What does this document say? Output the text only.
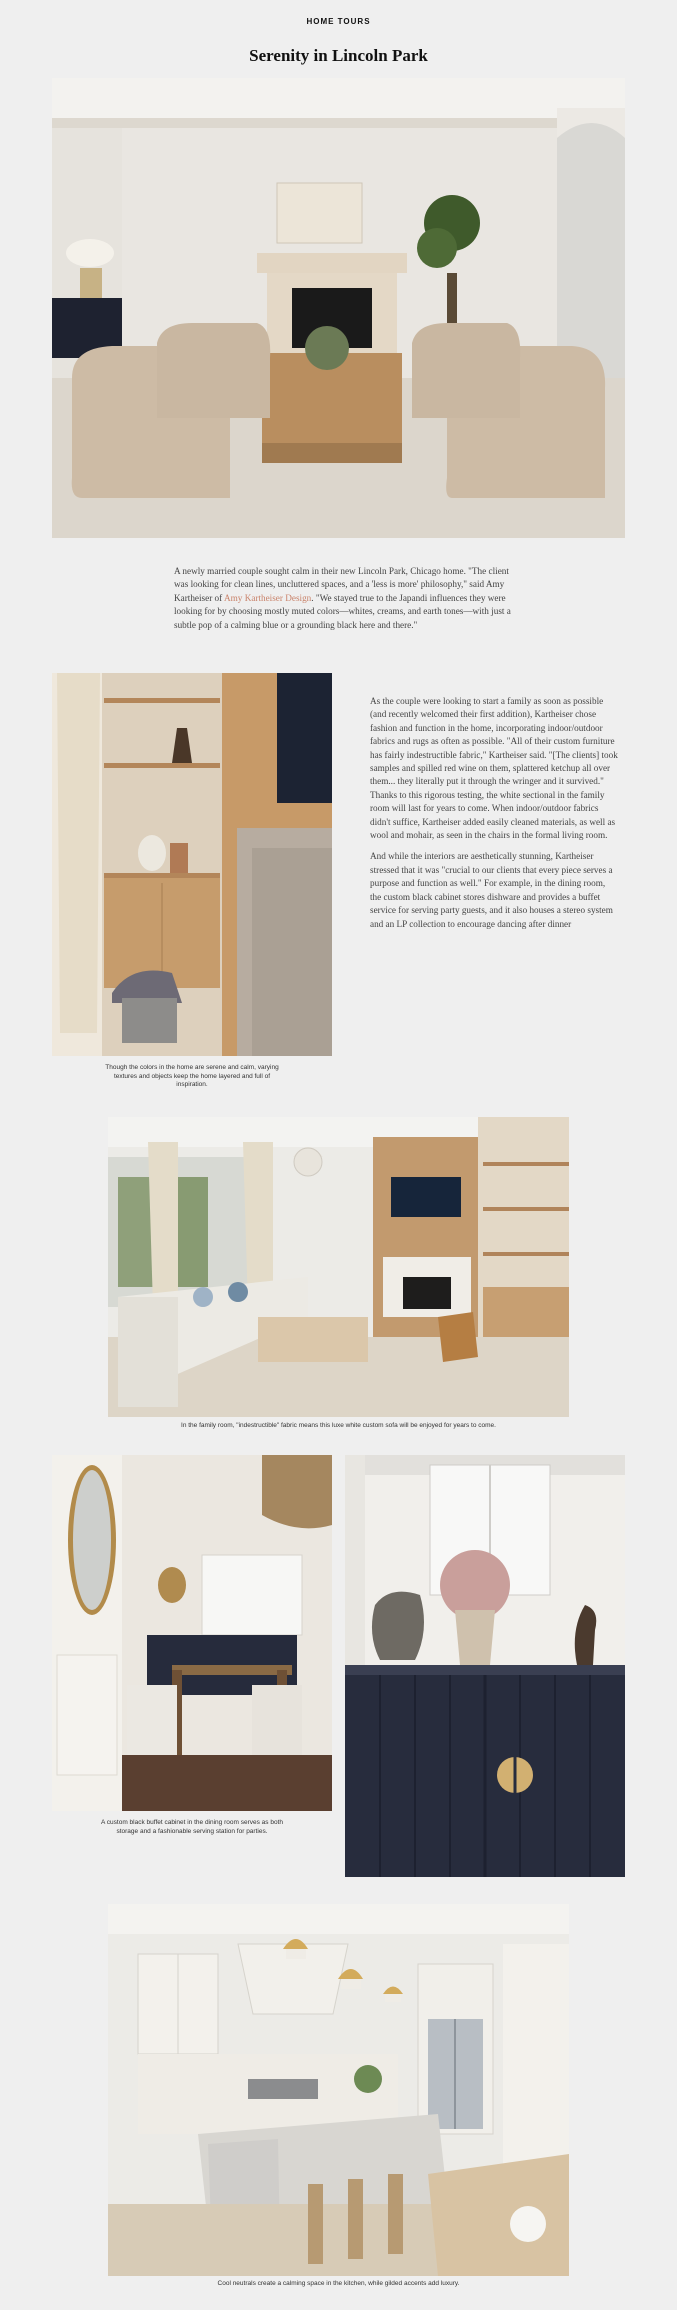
HOME TOURS
Serenity in Lincoln Park

A newly married couple sought calm in their new Lincoln Park, Chicago home. "The client was looking for clean lines, uncluttered spaces, and a 'less is more' philosophy," said Amy Kartheiser of Amy Kartheiser Design. "We stayed true to the Japandi influences they were looking for by choosing mostly muted colors—whites, creams, and earth tones—with just a subtle pop of a calming blue or a grounding black here and there."

Though the colors in the home are serene and calm, varying textures and objects keep the home layered and full of inspiration.

As the couple were looking to start a family as soon as possible (and recently welcomed their first addition), Kartheiser chose fashion and function in the home, incorporating indoor/outdoor fabrics and rugs as often as possible. "All of their custom furniture has fairly indestructible fabric," Kartheiser said. "[The clients] took samples and spilled red wine on them, splattered ketchup all over them... they literally put it through the wringer and it survived." Thanks to this rigorous testing, the white sectional in the family room will last for years to come. When indoor/outdoor fabrics didn't suffice, Kartheiser added easily cleaned materials, as well as wool and mohair, as seen in the chairs in the formal living room.

And while the interiors are aesthetically stunning, Kartheiser stressed that it was "crucial to our clients that every piece serves a purpose and function as well." For example, in the dining room, the custom black cabinet stores dishware and provides a buffet service for serving party guests, and it also houses a stereo system and an LP collection to encourage dancing after dinner

In the family room, "indestructible" fabric means this luxe white custom sofa will be enjoyed for years to come.
A custom black buffet cabinet in the dining room serves as both storage and a fashionable serving station for parties.
Cool neutrals create a calming space in the kitchen, while gilded accents add luxury.
